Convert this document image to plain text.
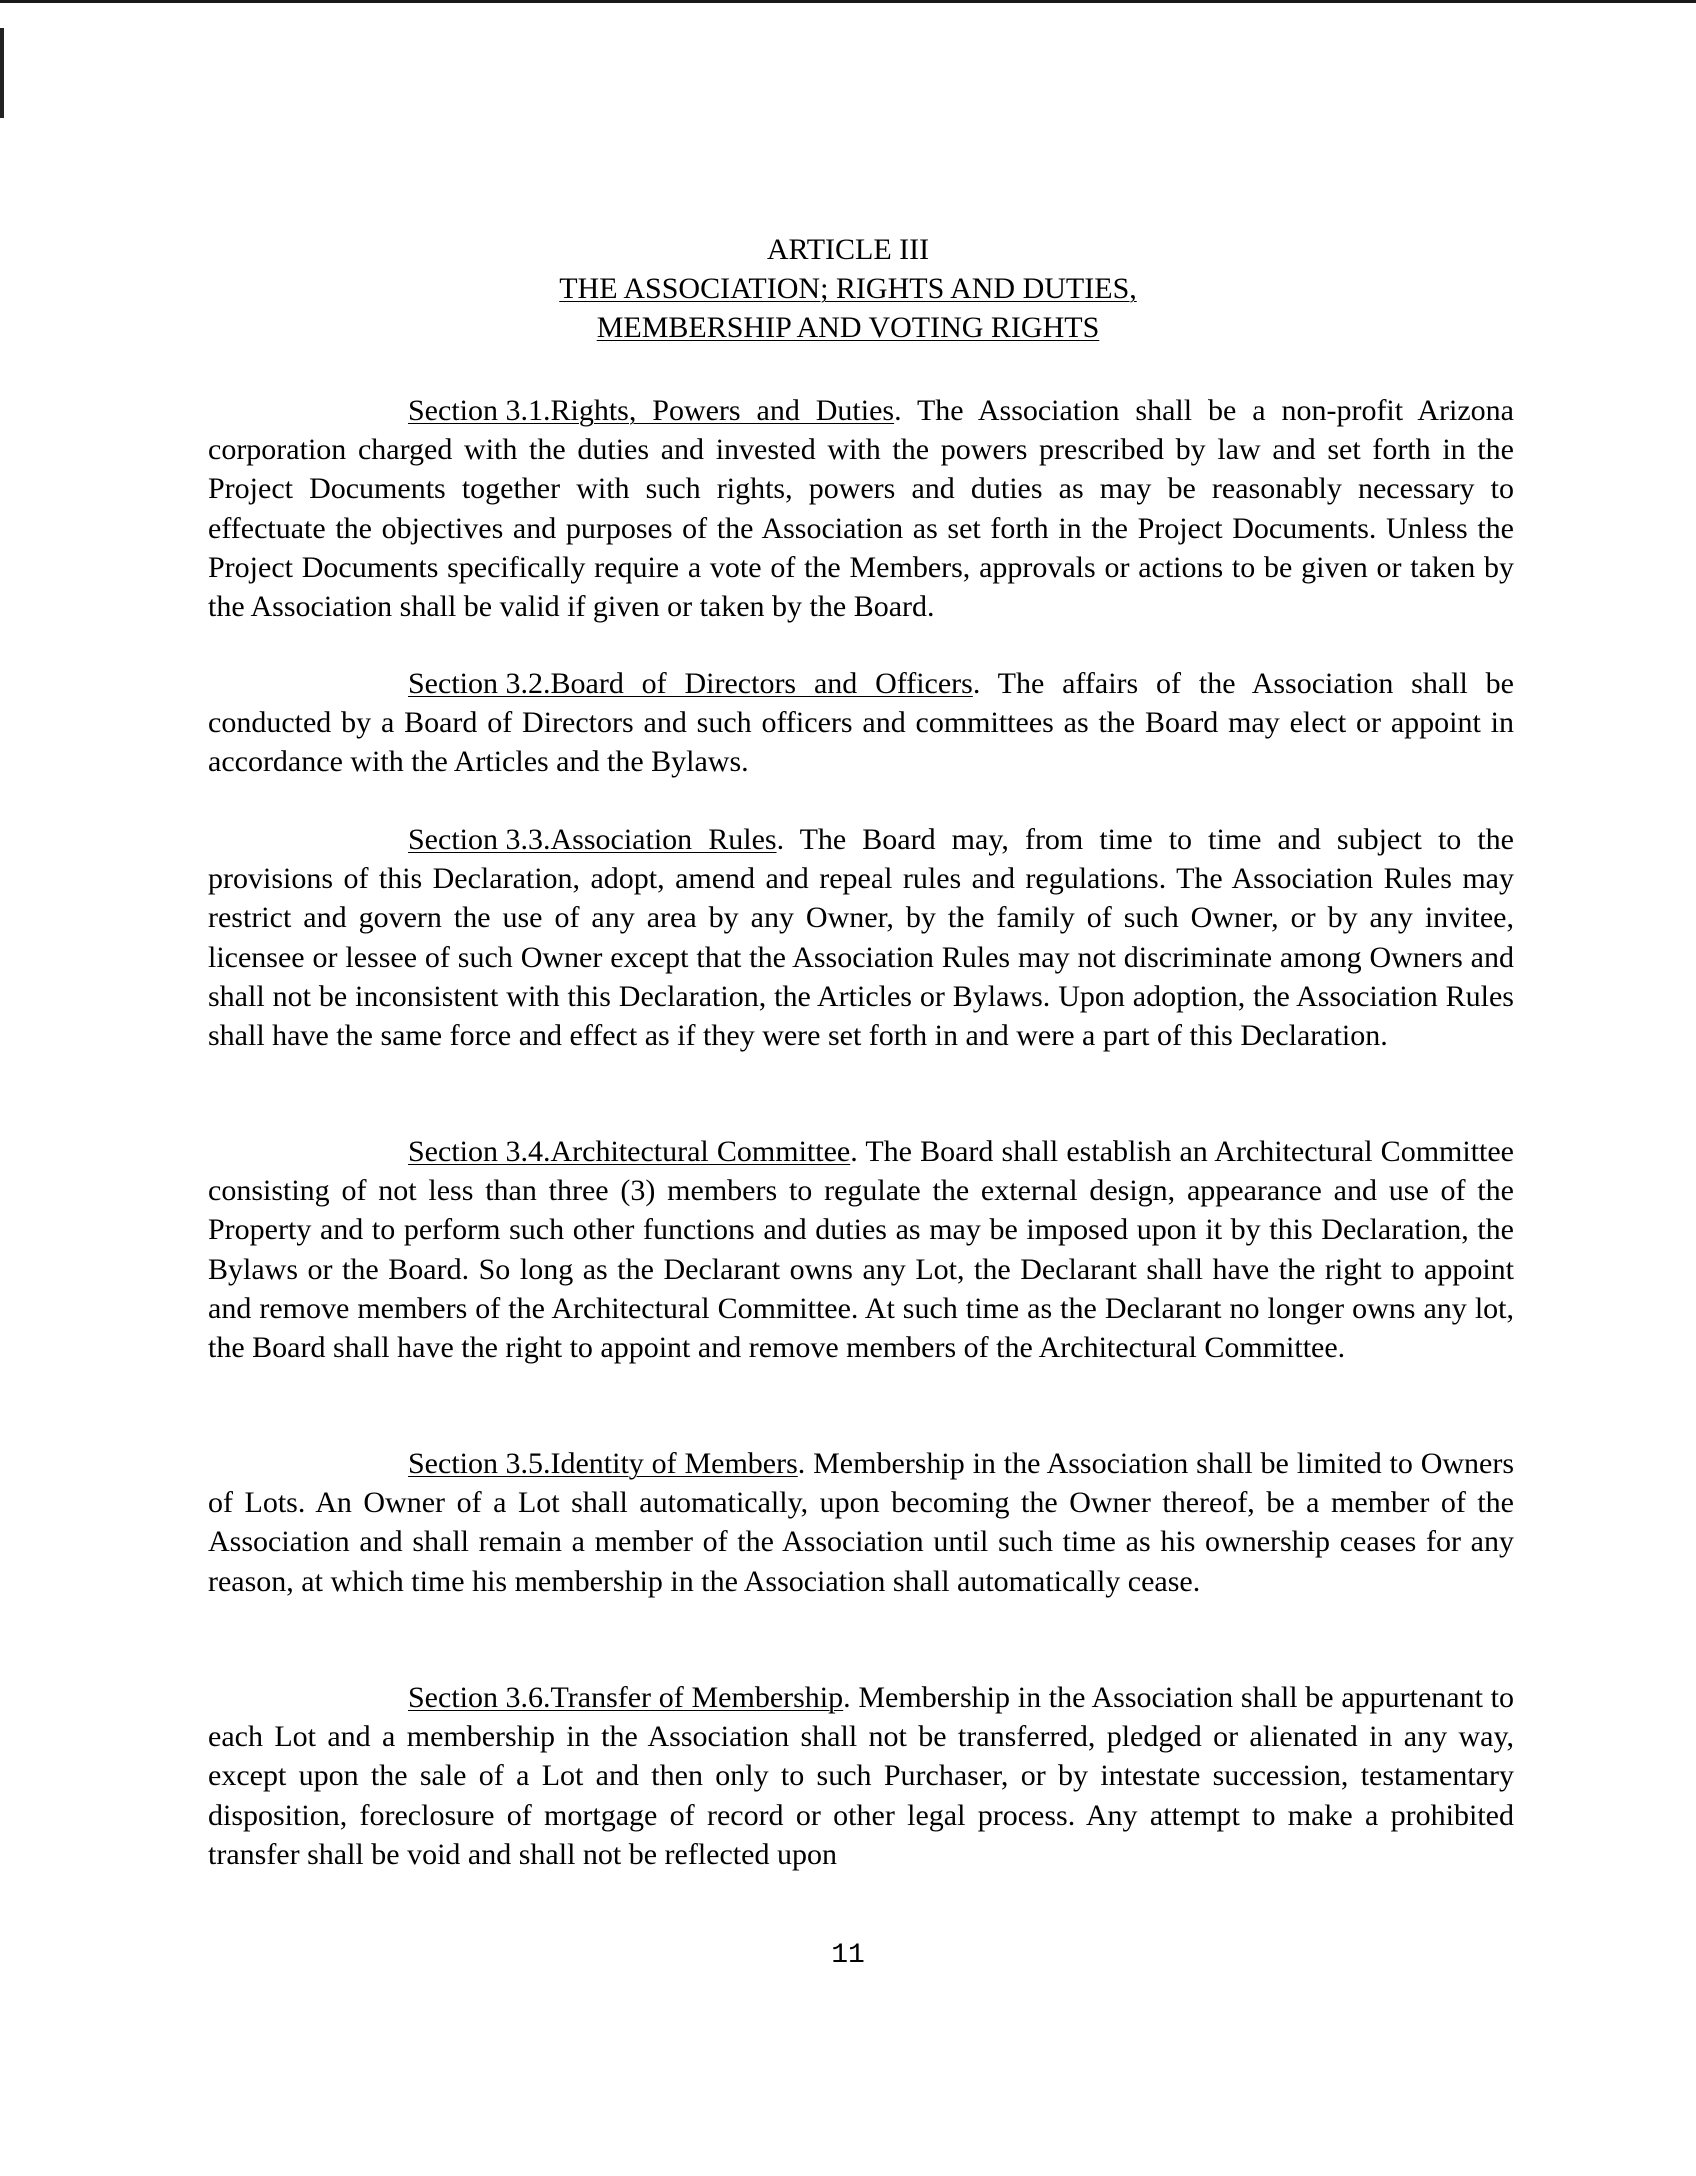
ARTICLE III
THE ASSOCIATION; RIGHTS AND DUTIES,
MEMBERSHIP AND VOTING RIGHTS

Section 3.1.Rights, Powers and Duties. The Association shall be a non-profit Arizona corporation charged with the duties and invested with the powers prescribed by law and set forth in the Project Documents together with such rights, powers and duties as may be reasonably necessary to effectuate the objectives and purposes of the Association as set forth in the Project Documents. Unless the Project Documents specifically require a vote of the Members, approvals or actions to be given or taken by the Association shall be valid if given or taken by the Board.

Section 3.2.Board of Directors and Officers. The affairs of the Association shall be conducted by a Board of Directors and such officers and committees as the Board may elect or appoint in accordance with the Articles and the Bylaws.

Section 3.3.Association Rules. The Board may, from time to time and subject to the provisions of this Declaration, adopt, amend and repeal rules and regulations. The Association Rules may restrict and govern the use of any area by any Owner, by the family of such Owner, or by any invitee, licensee or lessee of such Owner except that the Association Rules may not discriminate among Owners and shall not be inconsistent with this Declaration, the Articles or Bylaws. Upon adoption, the Association Rules shall have the same force and effect as if they were set forth in and were a part of this Declaration.

Section 3.4.Architectural Committee. The Board shall establish an Architectural Committee consisting of not less than three (3) members to regulate the external design, appearance and use of the Property and to perform such other functions and duties as may be imposed upon it by this Declaration, the Bylaws or the Board. So long as the Declarant owns any Lot, the Declarant shall have the right to appoint and remove members of the Architectural Committee. At such time as the Declarant no longer owns any lot, the Board shall have the right to appoint and remove members of the Architectural Committee.

Section 3.5.Identity of Members. Membership in the Association shall be limited to Owners of Lots. An Owner of a Lot shall automatically, upon becoming the Owner thereof, be a member of the Association and shall remain a member of the Association until such time as his ownership ceases for any reason, at which time his membership in the Association shall automatically cease.

Section 3.6.Transfer of Membership. Membership in the Association shall be appurtenant to each Lot and a membership in the Association shall not be transferred, pledged or alienated in any way, except upon the sale of a Lot and then only to such Purchaser, or by intestate succession, testamentary disposition, foreclosure of mortgage of record or other legal process. Any attempt to make a prohibited transfer shall be void and shall not be reflected upon

11
